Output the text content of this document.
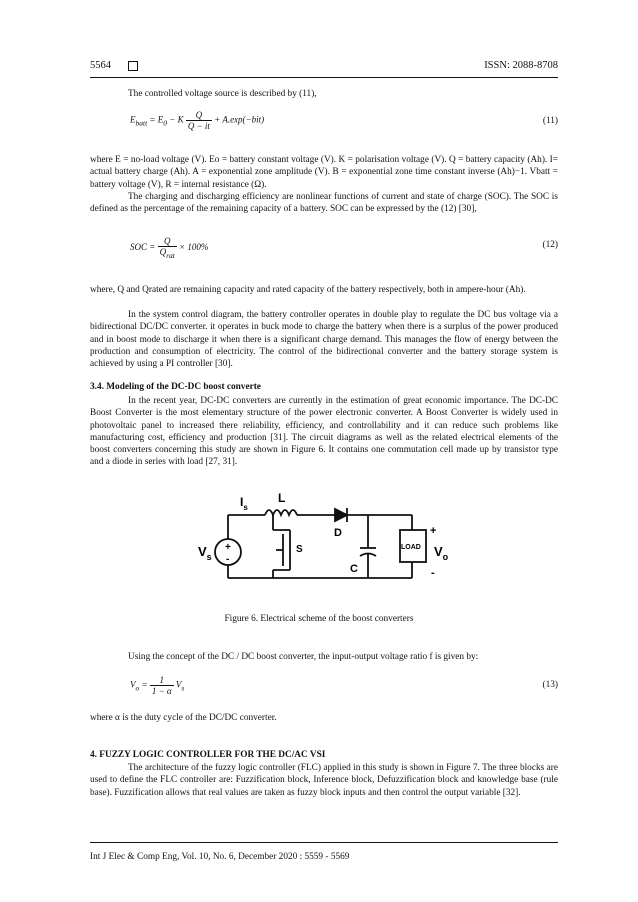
5564	ISSN: 2088-8708
The controlled voltage source is described by (11),
$E_{batt} = E_0 - K \frac{Q}{Q - it} + A.\exp(-bit)$	(11)
where E = no-load voltage (V). Eo = battery constant voltage (V). K = polarisation voltage (V). Q = battery capacity (Ah). I= actual battery charge (Ah). A = exponential zone amplitude (V). B = exponential zone time constant inverse (Ah)−1. Vbatt = battery voltage (V), R = internal resistance (Ω).
The charging and discharging efficiency are nonlinear functions of current and state of charge (SOC). The SOC is defined as the percentage of the remaining capacity of a battery. SOC can be expressed by the (12) [30],
SOC = $\frac{Q}{Q_{rat}} \times 100\%$	(12)
where, Q and Qrated are remaining capacity and rated capacity of the battery respectively, both in ampere-hour (Ah).
In the system control diagram, the battery controller operates in double play to regulate the DC bus voltage via a bidirectional DC/DC converter. it operates in buck mode to charge the battery when there is a surplus of the power produced and in boost mode to discharge it when there is a significant charge demand. This manages the flow of energy between the production and consumption of electricity. The control of the bidirectional converter and the battery storage system is achieved by using a PI controller [30].
3.4. Modeling of the DC-DC boost converte
In the recent year, DC-DC converters are currently in the estimation of great economic importance. The DC-DC Boost Converter is the most elementary structure of the power electronic converter. A Boost Converter is widely used in photovoltaic panel to increased there reliability, efficiency, and controllability and it can reduce such problems like manufacturing cost, efficiency and production [31]. The circuit diagrams as well as the related electrical elements of the boost converters concerning this study are shown in Figure 6. It contains one commutation cell made up by transistor type and a diode in series with load [27, 31].
+
-
$V_s$
$I_s$
L
D
S
C
LOAD
+
-
$V_o$
Figure 6. Electrical scheme of the boost converters
Using the concept of the DC / DC boost converter, the input-output voltage ratio f is given by:
$V_o = \frac{1}{1 - \alpha} V_s$	(13)
where α is the duty cycle of the DC/DC converter.
4. FUZZY LOGIC CONTROLLER FOR THE DC/AC VSI
The architecture of the fuzzy logic controller (FLC) applied in this study is shown in Figure 7. The three blocks are used to define the FLC controller are: Fuzzification block, Inference block, Defuzzification block and knowledge base (rule base). Fuzzification allows that real values are taken as fuzzy block inputs and then control the output variable [32].
Int J Elec & Comp Eng, Vol. 10, No. 6, December 2020 : 5559 - 5569
